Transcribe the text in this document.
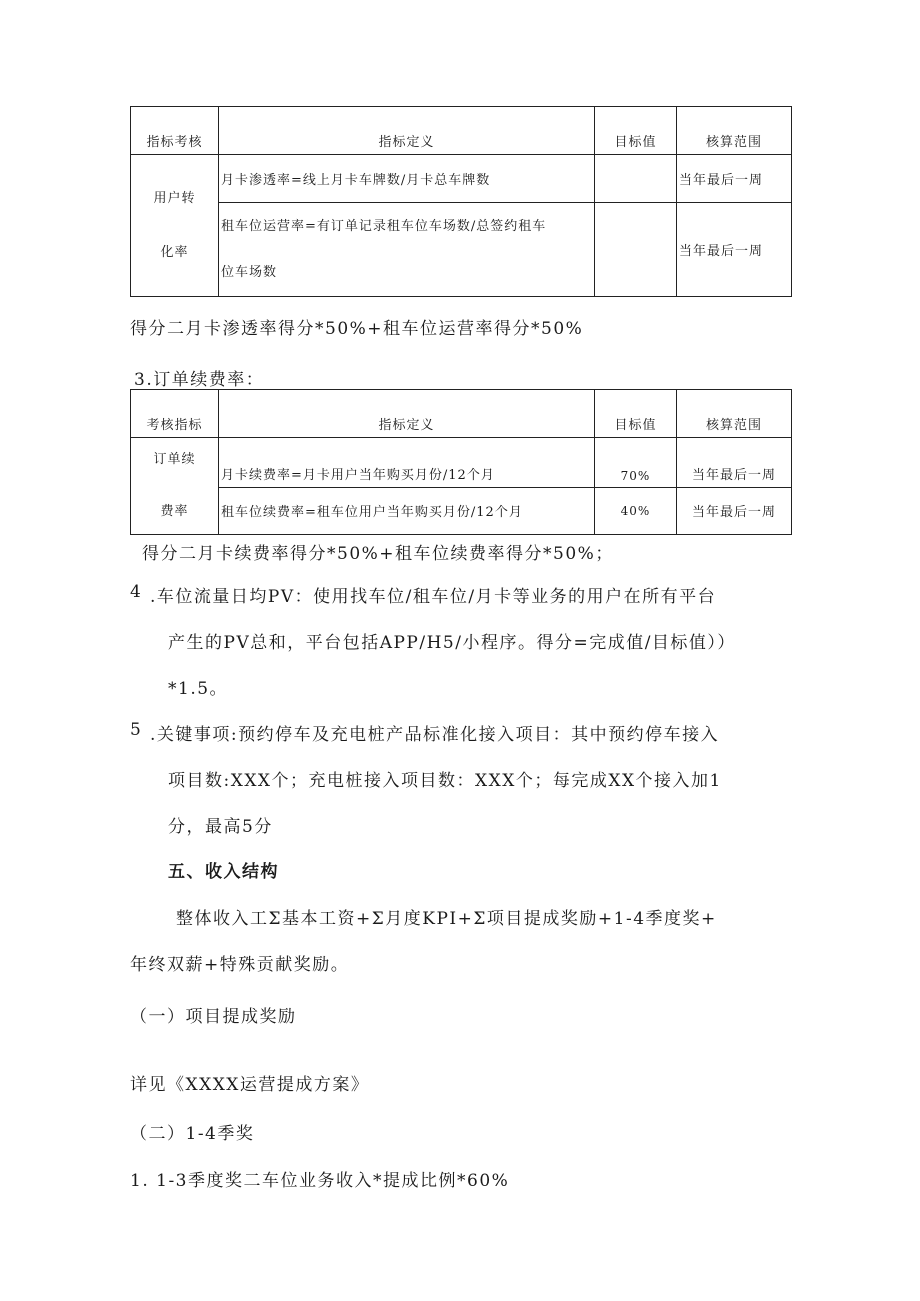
指标考核	指标定义	目标值	核算范围

用户转
化率	月卡渗透率=线上月卡车牌数/月卡总车牌数		当年最后一周

	租车位运营率=有订单记录租车位车场数/总签约租车
位车场数		当年最后一周
得分二月卡渗透率得分*50%+租车位运营率得分*50%
3.订单续费率：
考核指标	指标定义	目标值	核算范围

订单续
费率	月卡续费率=月卡用户当年购买月份/12个月	70%	当年最后一周
	租车位续费率=租车位用户当年购买月份/12个月	40%	当年最后一周
得分二月卡续费率得分*50%+租车位续费率得分*50%；
4 .车位流量日均PV：使用找车位/租车位/月卡等业务的用户在所有平台
产生的PV总和，平台包括APP/H5/小程序。得分=完成值/目标值））
*1.5。
5 .关键事项:预约停车及充电桩产品标准化接入项目：其中预约停车接入
项目数:XXX个；充电桩接入项目数：XXX个；每完成XX个接入加1
分，最高5分
五、收入结构
整体收入工Σ基本工资+Σ月度KPI+Σ项目提成奖励+1-4季度奖+
年终双薪+特殊贡献奖励。
（一）项目提成奖励
详见《XXXX运营提成方案》
（二）1-4季奖
1. 1-3季度奖二车位业务收入*提成比例*60%
